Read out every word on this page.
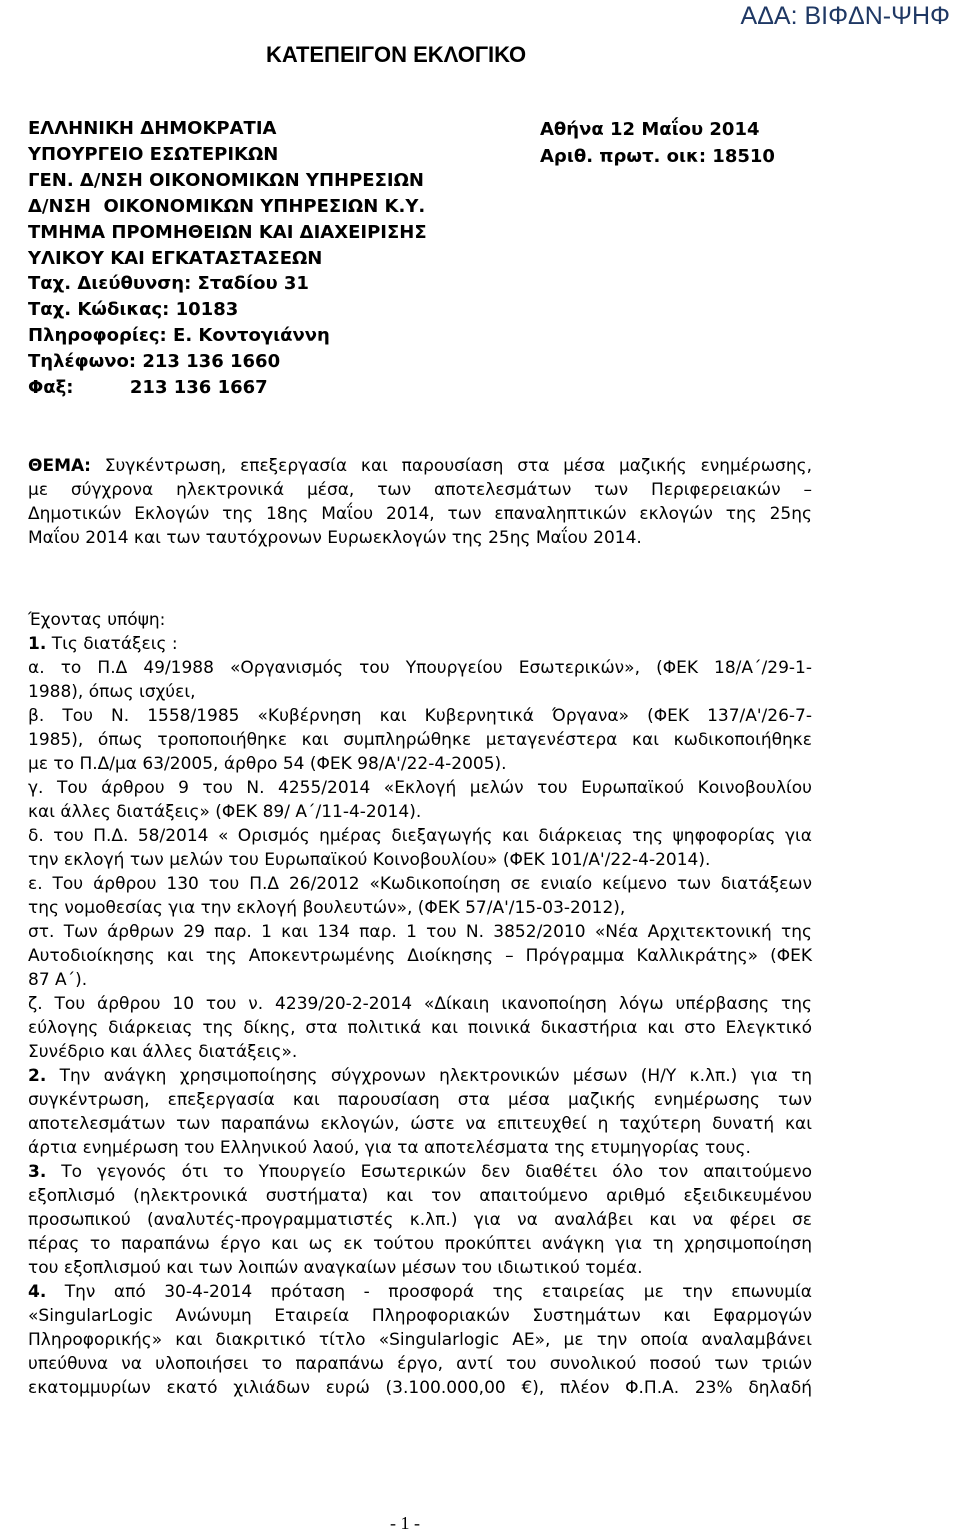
ΑΔΑ: ΒΙΦΔΝ-ΨΗΦ
ΚΑΤΕΠΕΙΓΟΝ ΕΚΛΟΓΙΚΟ
ΕΛΛΗΝΙΚΗ ΔΗΜΟΚΡΑΤΙΑ
ΥΠΟΥΡΓΕΙΟ ΕΣΩΤΕΡΙΚΩΝ
ΓΕΝ. Δ/ΝΣΗ ΟΙΚΟΝΟΜΙΚΩΝ ΥΠΗΡΕΣΙΩΝ
Δ/ΝΣΗ  ΟΙΚΟΝΟΜΙΚΩΝ ΥΠΗΡΕΣΙΩΝ Κ.Υ.
ΤΜΗΜΑ ΠΡΟΜΗΘΕΙΩΝ ΚΑΙ ΔΙΑΧΕΙΡΙΣΗΣ
ΥΛΙΚΟΥ ΚΑΙ ΕΓΚΑΤΑΣΤΑΣΕΩΝ
Ταχ. Διεύθυνση: Σταδίου 31
Ταχ. Κώδικας: 10183
Πληροφορίες: Ε. Κοντογιάννη
Τηλέφωνο: 213 136 1660
Φαξ:         213 136 1667
Αθήνα 12 Μαΐου 2014
Αριθ. πρωτ. οικ: 18510
ΘΕΜΑ: Συγκέντρωση, επεξεργασία και παρουσίαση στα μέσα μαζικής ενημέρωσης,
με σύγχρονα ηλεκτρονικά μέσα, των αποτελεσμάτων των Περιφερειακών –
Δημοτικών Εκλογών της 18ης Μαΐου 2014, των επαναληπτικών εκλογών της 25ης
Μαΐου 2014 και των ταυτόχρονων Ευρωεκλογών της 25ης Μαΐου 2014.
Έχοντας υπόψη:
1. Τις διατάξεις :
α. το Π.Δ 49/1988 «Οργανισμός του Υπουργείου Εσωτερικών», (ΦΕΚ 18/Α΄/29-1-
1988), όπως ισχύει,
β. Του Ν. 1558/1985 «Κυβέρνηση και Κυβερνητικά Όργανα» (ΦΕΚ 137/Α'/26-7-
1985), όπως τροποποιήθηκε και συμπληρώθηκε μεταγενέστερα και κωδικοποιήθηκε
με το Π.Δ/μα 63/2005, άρθρο 54 (ΦΕΚ 98/Α'/22-4-2005).
γ. Του άρθρου 9 του Ν. 4255/2014 «Εκλογή μελών του Ευρωπαϊκού Κοινοβουλίου
και άλλες διατάξεις» (ΦΕΚ 89/ Α΄/11-4-2014).
δ. του Π.Δ. 58/2014 « Ορισμός ημέρας διεξαγωγής και διάρκειας της ψηφοφορίας για
την εκλογή των μελών του Ευρωπαϊκού Κοινοβουλίου» (ΦΕΚ 101/Α'/22-4-2014).
ε. Του άρθρου 130 του Π.Δ 26/2012 «Κωδικοποίηση σε ενιαίο κείμενο των διατάξεων
της νομοθεσίας για την εκλογή βουλευτών», (ΦΕΚ 57/Α'/15-03-2012),
στ. Των άρθρων 29 παρ. 1 και 134 παρ. 1 του Ν. 3852/2010 «Νέα Αρχιτεκτονική της
Αυτοδιοίκησης και της Αποκεντρωμένης Διοίκησης – Πρόγραμμα Καλλικράτης» (ΦΕΚ
87 Α΄).
ζ. Του άρθρου 10 του ν. 4239/20-2-2014 «Δίκαιη ικανοποίηση λόγω υπέρβασης της
εύλογης διάρκειας της δίκης, στα πολιτικά και ποινικά δικαστήρια και στο Ελεγκτικό
Συνέδριο και άλλες διατάξεις».
2. Την ανάγκη χρησιμοποίησης σύγχρονων ηλεκτρονικών μέσων (Η/Υ κ.λπ.) για τη
συγκέντρωση, επεξεργασία και παρουσίαση στα μέσα μαζικής ενημέρωσης των
αποτελεσμάτων των παραπάνω εκλογών, ώστε να επιτευχθεί η ταχύτερη δυνατή και
άρτια ενημέρωση του Ελληνικού λαού, για τα αποτελέσματα της ετυμηγορίας τους.
3. Το γεγονός ότι το Υπουργείο Εσωτερικών δεν διαθέτει όλο τον απαιτούμενο
εξοπλισμό (ηλεκτρονικά συστήματα) και τον απαιτούμενο αριθμό εξειδικευμένου
προσωπικού (αναλυτές-προγραμματιστές κ.λπ.) για να αναλάβει και να φέρει σε
πέρας το παραπάνω έργο και ως εκ τούτου προκύπτει ανάγκη για τη χρησιμοποίηση
του εξοπλισμού και των λοιπών αναγκαίων μέσων του ιδιωτικού τομέα.
4. Την από 30-4-2014 πρόταση - προσφορά της εταιρείας με την επωνυμία
«SingularLogic Ανώνυμη Εταιρεία Πληροφοριακών Συστημάτων και Εφαρμογών
Πληροφορικής» και διακριτικό τίτλο «Singularlogic ΑΕ», με την οποία αναλαμβάνει
υπεύθυνα να υλοποιήσει το παραπάνω έργο, αντί του συνολικού ποσού των τριών
εκατομμυρίων εκατό χιλιάδων ευρώ (3.100.000,00 €), πλέον Φ.Π.Α. 23% δηλαδή
- 1 -
